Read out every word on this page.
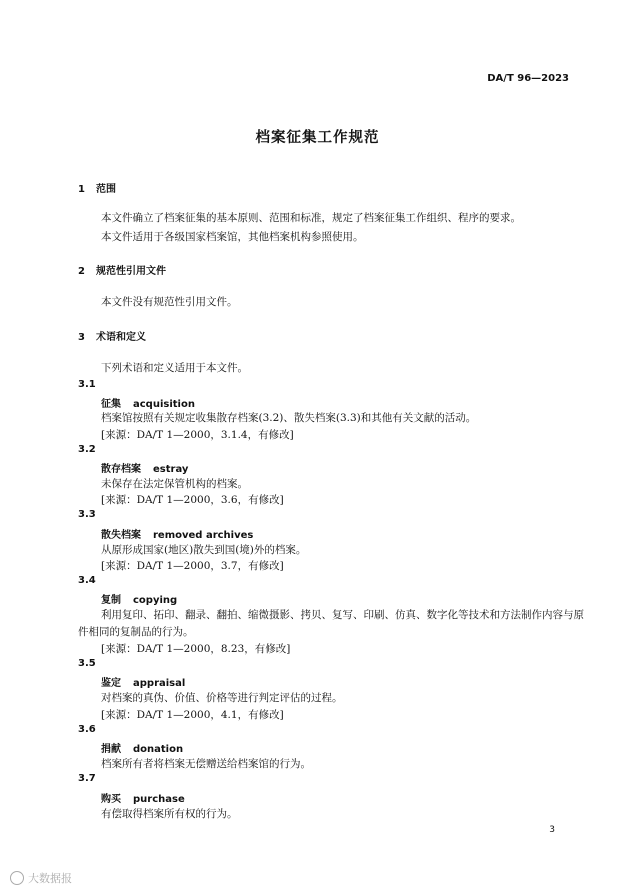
DA/T 96—2023
档案征集工作规范
1 范围
本文件确立了档案征集的基本原则、范围和标准，规定了档案征集工作组织、程序的要求。
本文件适用于各级国家档案馆，其他档案机构参照使用。
2 规范性引用文件
本文件没有规范性引用文件。
3 术语和定义
下列术语和定义适用于本文件。
3.1
征集 acquisition
档案馆按照有关规定收集散存档案(3.2)、散失档案(3.3)和其他有关文献的活动。
[来源：DA/T 1—2000，3.1.4，有修改]
3.2
散存档案 estray
未保存在法定保管机构的档案。
[来源：DA/T 1—2000，3.6，有修改]
3.3
散失档案 removed archives
从原形成国家(地区)散失到国(境)外的档案。
[来源：DA/T 1—2000，3.7，有修改]
3.4
复制 copying
利用复印、拓印、翻录、翻拍、缩微摄影、拷贝、复写、印刷、仿真、数字化等技术和方法制作内容与原
件相同的复制品的行为。
[来源：DA/T 1—2000，8.23，有修改]
3.5
鉴定 appraisal
对档案的真伪、价值、价格等进行判定评估的过程。
[来源：DA/T 1—2000，4.1，有修改]
3.6
捐献 donation
档案所有者将档案无偿赠送给档案馆的行为。
3.7
购买 purchase
有偿取得档案所有权的行为。
3
大数据报
